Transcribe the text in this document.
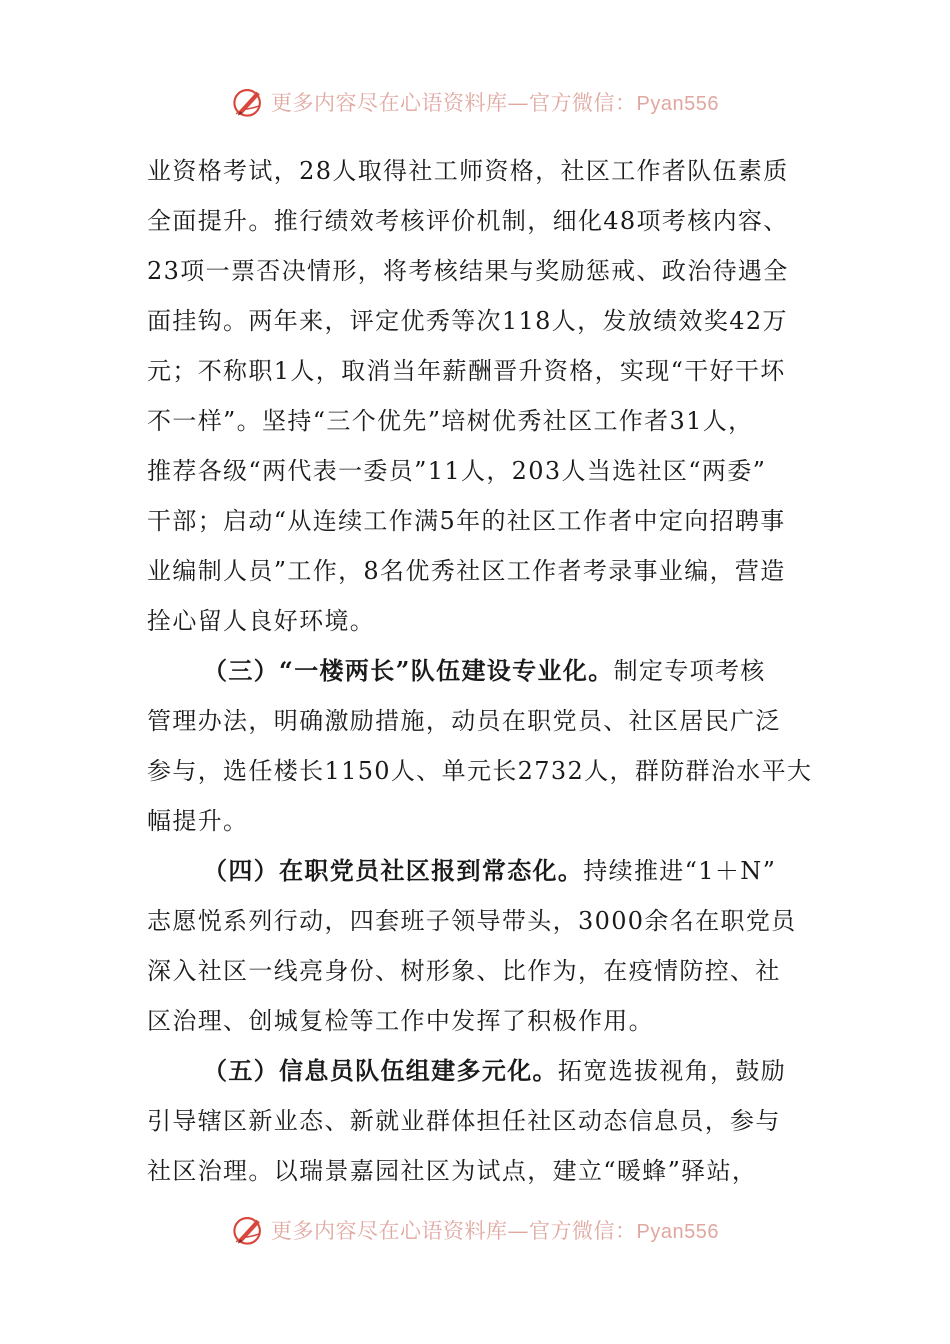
更多内容尽在心语资料库—官方微信：Pyan556
业资格考试，28人取得社工师资格，社区工作者队伍素质
全面提升。推行绩效考核评价机制，细化48项考核内容、
23项一票否决情形，将考核结果与奖励惩戒、政治待遇全
面挂钩。两年来，评定优秀等次118人，发放绩效奖42万
元；不称职1人，取消当年薪酬晋升资格，实现“干好干坏
不一样”。坚持“三个优先”培树优秀社区工作者31人，
推荐各级“两代表一委员”11人，203人当选社区“两委”
干部；启动“从连续工作满5年的社区工作者中定向招聘事
业编制人员”工作，8名优秀社区工作者考录事业编，营造
拴心留人良好环境。
（三）“一楼两长”队伍建设专业化。制定专项考核
管理办法，明确激励措施，动员在职党员、社区居民广泛
参与，选任楼长1150人、单元长2732人，群防群治水平大
幅提升。
（四）在职党员社区报到常态化。持续推进“1＋N”
志愿悦系列行动，四套班子领导带头，3000余名在职党员
深入社区一线亮身份、树形象、比作为，在疫情防控、社
区治理、创城复检等工作中发挥了积极作用。
（五）信息员队伍组建多元化。拓宽选拔视角，鼓励
引导辖区新业态、新就业群体担任社区动态信息员，参与
社区治理。以瑞景嘉园社区为试点，建立“暖蜂”驿站，
更多内容尽在心语资料库—官方微信：Pyan556
